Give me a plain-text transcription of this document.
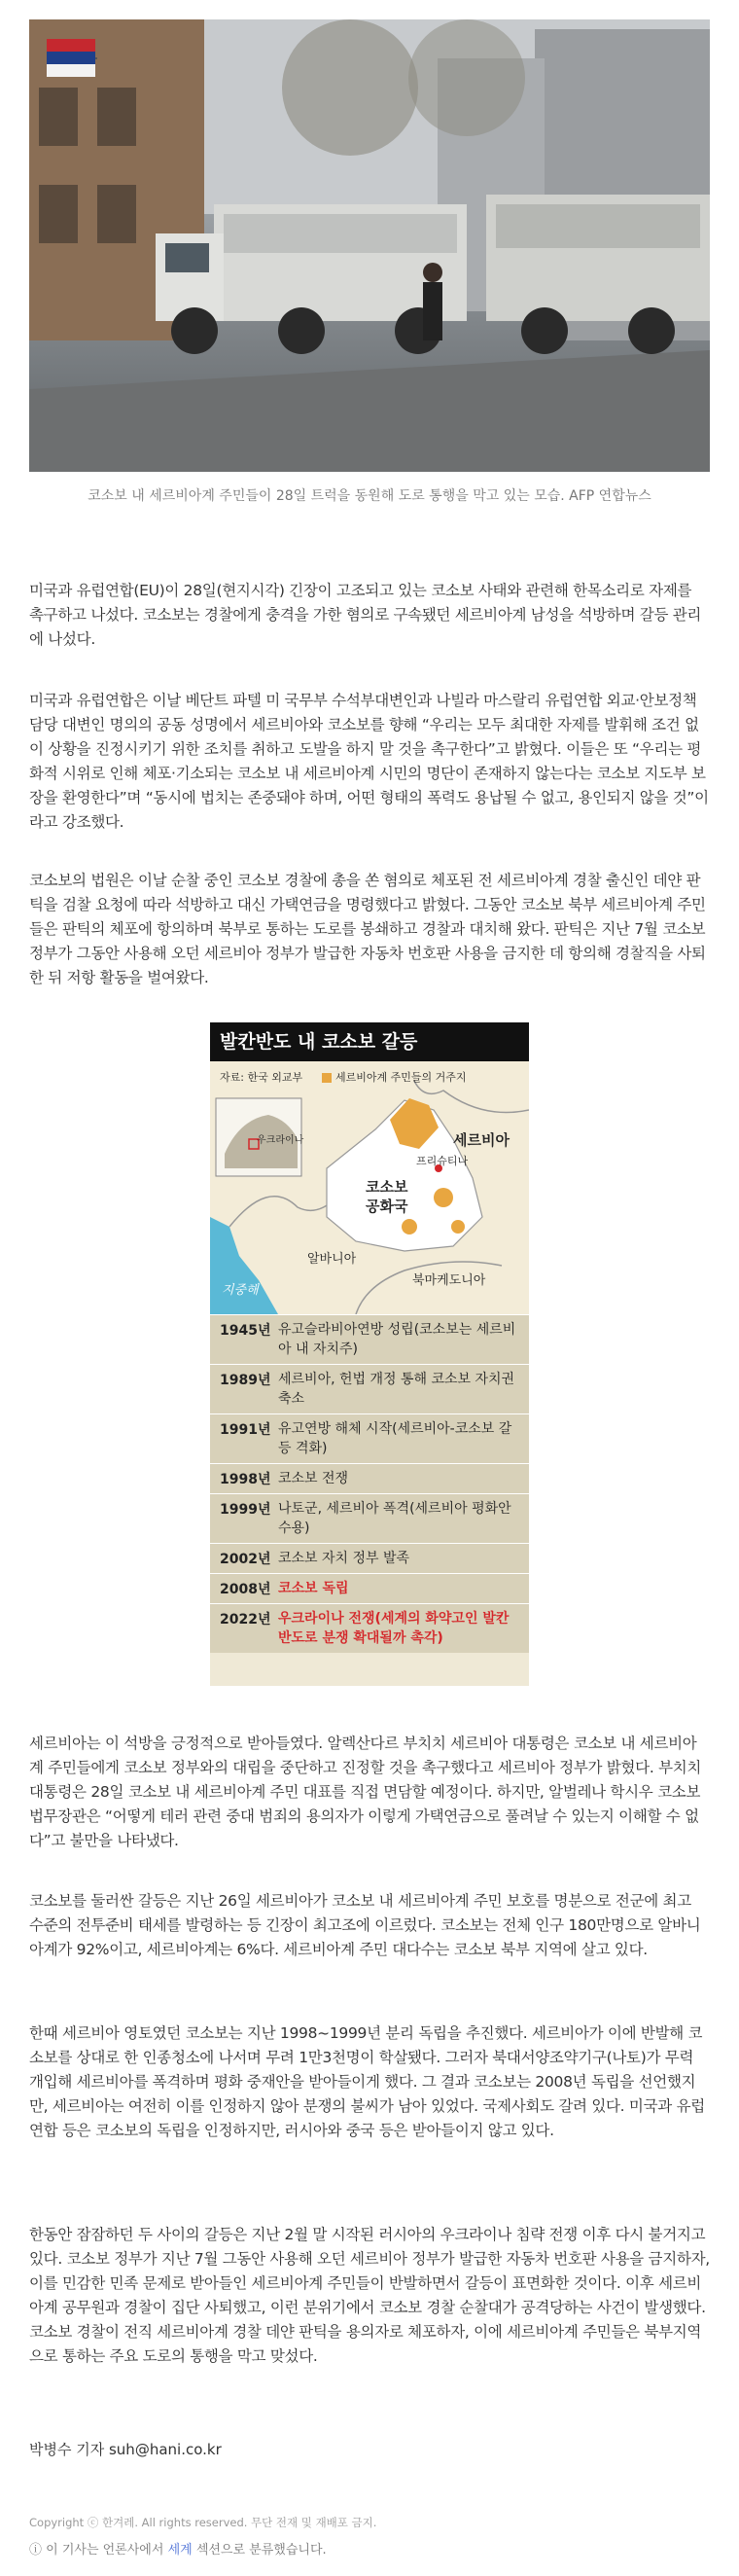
코소보 내 세르비아계 주민들이 28일 트럭을 동원해 도로 통행을 막고 있는 모습. AFP 연합뉴스

미국과 유럽연합(EU)이 28일(현지시각) 긴장이 고조되고 있는 코소보 사태와 관련해 한목소리로 자제를 촉구하고 나섰다. 코소보는 경찰에게 충격을 가한 혐의로 구속됐던 세르비아계 남성을 석방하며 갈등 관리에 나섰다.

미국과 유럽연합은 이날 베단트 파텔 미 국무부 수석부대변인과 나빌라 마스랄리 유럽연합 외교·안보정책 담당 대변인 명의의 공동 성명에서 세르비아와 코소보를 향해 “우리는 모두 최대한 자제를 발휘해 조건 없이 상황을 진정시키기 위한 조치를 취하고 도발을 하지 말 것을 촉구한다”고 밝혔다. 이들은 또 “우리는 평화적 시위로 인해 체포·기소되는 코소보 내 세르비아계 시민의 명단이 존재하지 않는다는 코소보 지도부 보장을 환영한다”며 “동시에 법치는 존중돼야 하며, 어떤 형태의 폭력도 용납될 수 없고, 용인되지 않을 것”이라고 강조했다.

코소보의 법원은 이날 순찰 중인 코소보 경찰에 총을 쏜 혐의로 체포된 전 세르비아계 경찰 출신인 데얀 판틱을 검찰 요청에 따라 석방하고 대신 가택연금을 명령했다고 밝혔다. 그동안 코소보 북부 세르비아계 주민들은 판틱의 체포에 항의하며 북부로 통하는 도로를 봉쇄하고 경찰과 대치해 왔다. 판틱은 지난 7월 코소보 정부가 그동안 사용해 오던 세르비아 정부가 발급한 자동차 번호판 사용을 금지한 데 항의해 경찰직을 사퇴한 뒤 저항 활동을 벌여왔다.

발칸반도 내 코소보 갈등
자료: 한국 외교부	세르비아계 주민들의 거주지
우크라이나	세르비아
프리슈티나
코소보
공화국
알바니아
북마케도니아
지중해
1945년 유고슬라비아연방 성립(코소보는 세르비아 내 자치주)
1989년 세르비아, 헌법 개정 통해 코소보 자치권 축소
1991년 유고연방 해체 시작(세르비아-코소보 갈등 격화)
1998년 코소보 전쟁
1999년 나토군, 세르비아 폭격(세르비아 평화안 수용)
2002년 코소보 자치 정부 발족
2008년 코소보 독립
2022년 우크라이나 전쟁(세계의 화약고인 발칸반도로 분쟁 확대될까 촉각)

세르비아는 이 석방을 긍정적으로 받아들였다. 알렉산다르 부치치 세르비아 대통령은 코소보 내 세르비아계 주민들에게 코소보 정부와의 대립을 중단하고 진정할 것을 촉구했다고 세르비아 정부가 밝혔다. 부치치 대통령은 28일 코소보 내 세르비아계 주민 대표를 직접 면담할 예정이다. 하지만, 알벌레나 학시우 코소보 법무장관은 “어떻게 테러 관련 중대 범죄의 용의자가 이렇게 가택연금으로 풀려날 수 있는지 이해할 수 없다”고 불만을 나타냈다.

코소보를 둘러싼 갈등은 지난 26일 세르비아가 코소보 내 세르비아계 주민 보호를 명분으로 전군에 최고 수준의 전투준비 태세를 발령하는 등 긴장이 최고조에 이르렀다. 코소보는 전체 인구 180만명으로 알바니아계가 92%이고, 세르비아계는 6%다. 세르비아계 주민 대다수는 코소보 북부 지역에 살고 있다.

한때 세르비아 영토였던 코소보는 지난 1998~1999년 분리 독립을 추진했다. 세르비아가 이에 반발해 코소보를 상대로 한 인종청소에 나서며 무려 1만3천명이 학살됐다. 그러자 북대서양조약기구(나토)가 무력 개입해 세르비아를 폭격하며 평화 중재안을 받아들이게 했다. 그 결과 코소보는 2008년 독립을 선언했지만, 세르비아는 여전히 이를 인정하지 않아 분쟁의 불씨가 남아 있었다. 국제사회도 갈려 있다. 미국과 유럽연합 등은 코소보의 독립을 인정하지만, 러시아와 중국 등은 받아들이지 않고 있다.

한동안 잠잠하던 두 사이의 갈등은 지난 2월 말 시작된 러시아의 우크라이나 침략 전쟁 이후 다시 불거지고 있다. 코소보 정부가 지난 7월 그동안 사용해 오던 세르비아 정부가 발급한 자동차 번호판 사용을 금지하자, 이를 민감한 민족 문제로 받아들인 세르비아계 주민들이 반발하면서 갈등이 표면화한 것이다. 이후 세르비아계 공무원과 경찰이 집단 사퇴했고, 이런 분위기에서 코소보 경찰 순찰대가 공격당하는 사건이 발생했다. 코소보 경찰이 전직 세르비아계 경찰 데얀 판틱을 용의자로 체포하자, 이에 세르비아계 주민들은 북부지역으로 통하는 주요 도로의 통행을 막고 맞섰다.

박병수 기자 suh@hani.co.kr
Copyright ⓒ 한겨레. All rights reserved. 무단 전재 및 재배포 금지.
ⓘ 이 기사는 언론사에서 세계 섹션으로 분류했습니다.
